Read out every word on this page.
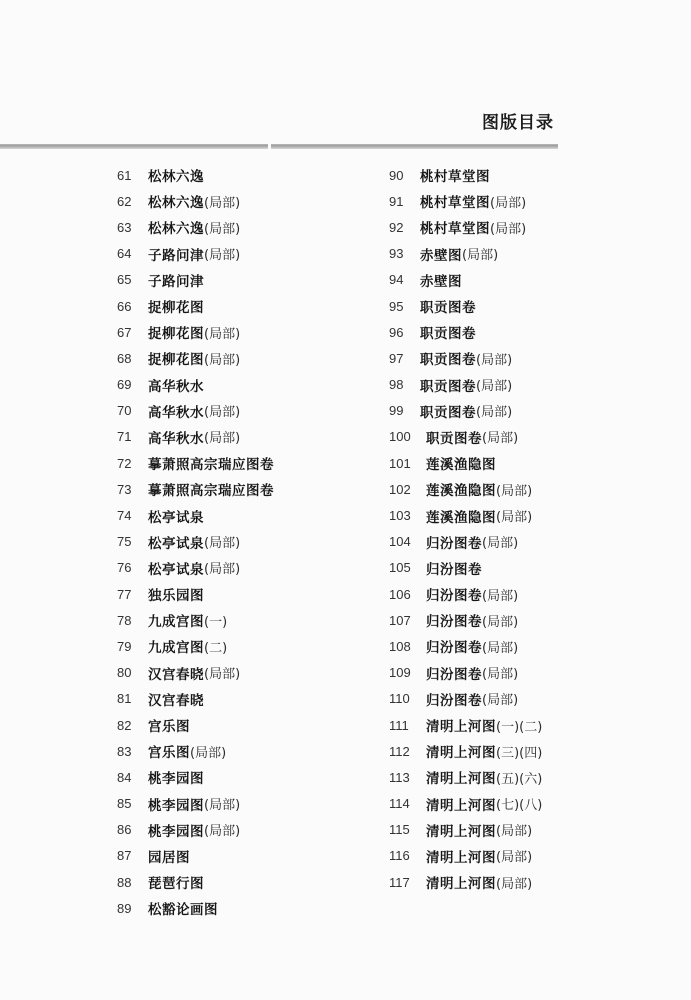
图版目录
61	松林六逸
62	松林六逸 (局部)
63	松林六逸 (局部)
64	子路问津 (局部)
65	子路问津
66	捉柳花图
67	捉柳花图 (局部)
68	捉柳花图 (局部)
69	高华秋水
70	高华秋水 (局部)
71	高华秋水 (局部)
72	摹萧照高宗瑞应图卷
73	摹萧照高宗瑞应图卷
74	松亭试泉
75	松亭试泉 (局部)
76	松亭试泉 (局部)
77	独乐园图
78	九成宫图 (一)
79	九成宫图 (二)
80	汉宫春晓 (局部)
81	汉宫春晓
82	宫乐图
83	宫乐图 (局部)
84	桃李园图
85	桃李园图 (局部)
86	桃李园图 (局部)
87	园居图
88	琵琶行图
89	松豁论画图
90	桃村草堂图
91	桃村草堂图 (局部)
92	桃村草堂图 (局部)
93	赤壁图 (局部)
94	赤壁图
95	职贡图卷
96	职贡图卷
97	职贡图卷 (局部)
98	职贡图卷 (局部)
99	职贡图卷 (局部)
100	职贡图卷 (局部)
101	莲溪渔隐图
102	莲溪渔隐图 (局部)
103	莲溪渔隐图 (局部)
104	归汾图卷 (局部)
105	归汾图卷
106	归汾图卷 (局部)
107	归汾图卷 (局部)
108	归汾图卷 (局部)
109	归汾图卷 (局部)
110	归汾图卷 (局部)
111	清明上河图 (一)(二)
112	清明上河图 (三)(四)
113	清明上河图 (五)(六)
114	清明上河图 (七)(八)
115	清明上河图 (局部)
116	清明上河图 (局部)
117	清明上河图 (局部)
